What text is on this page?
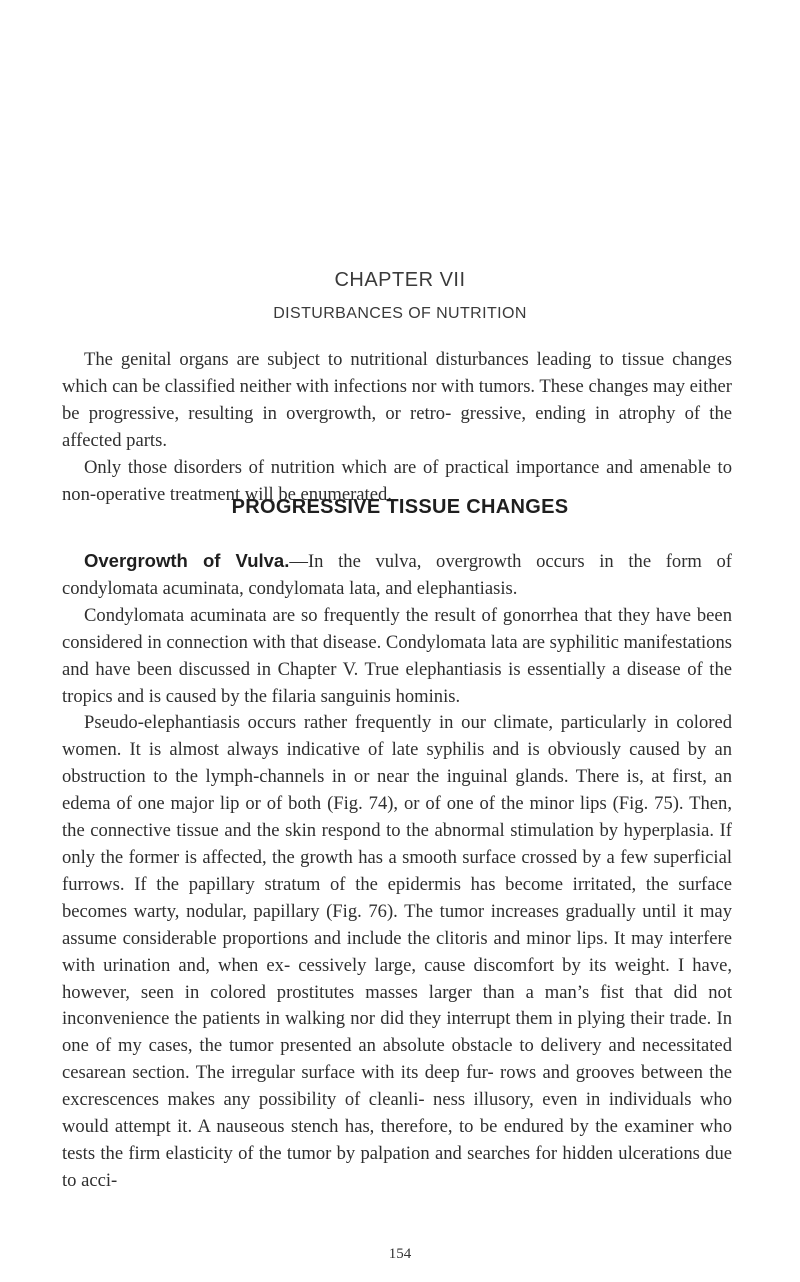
CHAPTER VII
DISTURBANCES OF NUTRITION

The genital organs are subject to nutritional disturbances leading to tissue changes which can be classified neither with infections nor with tumors. These changes may either be progressive, resulting in overgrowth, or retro- gressive, ending in atrophy of the affected parts.

Only those disorders of nutrition which are of practical importance and amenable to non-operative treatment will be enumerated.

PROGRESSIVE TISSUE CHANGES

Overgrowth of Vulva.—In the vulva, overgrowth occurs in the form of condylomata acuminata, condylomata lata, and elephantiasis.

Condylomata acuminata are so frequently the result of gonorrhea that they have been considered in connection with that disease. Condylomata lata are syphilitic manifestations and have been discussed in Chapter V. True elephantiasis is essentially a disease of the tropics and is caused by the filaria sanguinis hominis.

Pseudo-elephantiasis occurs rather frequently in our climate, particularly in colored women. It is almost always indicative of late syphilis and is obviously caused by an obstruction to the lymph-channels in or near the inguinal glands. There is, at first, an edema of one major lip or of both (Fig. 74), or of one of the minor lips (Fig. 75). Then, the connective tissue and the skin respond to the abnormal stimulation by hyperplasia. If only the former is affected, the growth has a smooth surface crossed by a few superficial furrows. If the papillary stratum of the epidermis has become irritated, the surface becomes warty, nodular, papillary (Fig. 76). The tumor increases gradually until it may assume considerable proportions and include the clitoris and minor lips. It may interfere with urination and, when ex- cessively large, cause discomfort by its weight. I have, however, seen in colored prostitutes masses larger than a man’s fist that did not inconvenience the patients in walking nor did they interrupt them in plying their trade. In one of my cases, the tumor presented an absolute obstacle to delivery and necessitated cesarean section. The irregular surface with its deep fur- rows and grooves between the excrescences makes any possibility of cleanli- ness illusory, even in individuals who would attempt it. A nauseous stench has, therefore, to be endured by the examiner who tests the firm elasticity of the tumor by palpation and searches for hidden ulcerations due to acci-

154
